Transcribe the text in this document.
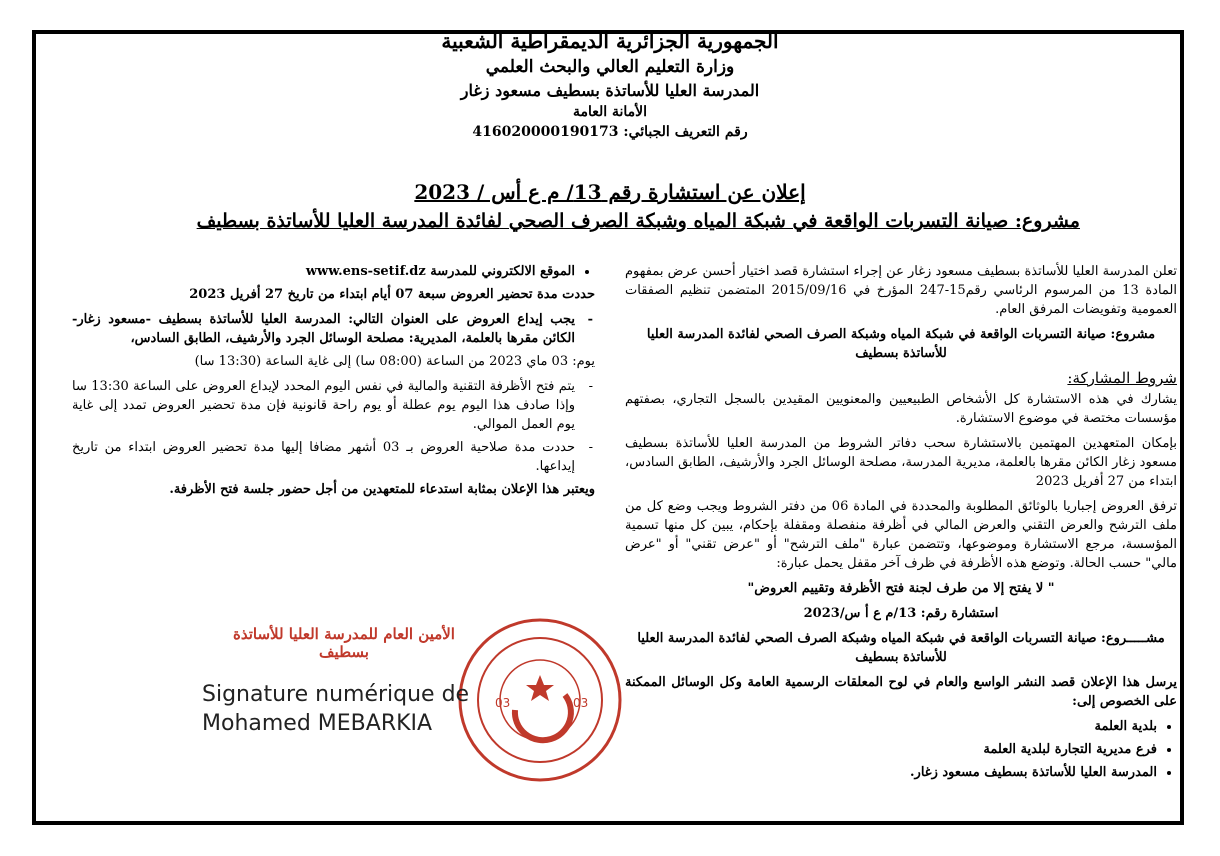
الجمهورية الجزائرية الديمقراطية الشعبية
وزارة التعليم العالي والبحث العلمي
المدرسة العليا للأساتذة بسطيف مسعود زغار
الأمانة العامة
رقم التعريف الجبائي: 416020000190173
إعلان عن استشارة رقم 13/ م ع أس / 2023
مشروع: صيانة التسربات الواقعة في شبكة المياه وشبكة الصرف الصحي لفائدة المدرسة العليا للأساتذة بسطيف

تعلن المدرسة العليا للأساتذة بسطيف مسعود زغار عن إجراء استشارة قصد اختيار أحسن عرض بمفهوم المادة 13 من المرسوم الرئاسي رقم15-247 المؤرخ في 2015/09/16 المتضمن تنظيم الصفقات العمومية وتفويضات المرفق العام.

مشروع: صيانة التسربات الواقعة في شبكة المياه وشبكة الصرف الصحي لفائدة المدرسة العليا للأساتذة بسطيف

شروط المشاركة:

يشارك في هذه الاستشارة كل الأشخاص الطبيعيين والمعنويين المقيدين بالسجل التجاري، بصفتهم مؤسسات مختصة في موضوع الاستشارة.

بإمكان المتعهدين المهتمين بالاستشارة سحب دفاتر الشروط من المدرسة العليا للأساتذة بسطيف مسعود زغار الكائن مقرها بالعلمة، مديرية المدرسة، مصلحة الوسائل الجرد والأرشيف، الطابق السادس، ابتداء من 27 أفريل 2023

ترفق العروض إجباريا بالوثائق المطلوبة والمحددة في المادة 06 من دفتر الشروط ويجب وضع كل من ملف الترشح والعرض التقني والعرض المالي في أظرفة منفصلة ومقفلة بإحكام، يبين كل منها تسمية المؤسسة، مرجع الاستشارة وموضوعها، وتتضمن عبارة "ملف الترشح" أو "عرض تقني" أو "عرض مالي" حسب الحالة. وتوضع هذه الأظرفة في ظرف آخر مقفل يحمل عبارة:

" لا يفتح إلا من طرف لجنة فتح الأظرفة وتقييم العروض"

استشارة رقم: 13/م ع أ س/2023

مشـــــروع: صيانة التسربات الواقعة في شبكة المياه وشبكة الصرف الصحي لفائدة المدرسة العليا للأساتذة بسطيف

يرسل هذا الإعلان قصد النشر الواسع والعام في لوح المعلقات الرسمية العامة وكل الوسائل الممكنة على الخصوص إلى:

• بلدية العلمة
• فرع مديرية التجارة لبلدية العلمة
• المدرسة العليا للأساتذة بسطيف مسعود زغار.
• الموقع الالكتروني للمدرسة www.ens-setif.dz

حددت مدة تحضير العروض سبعة 07 أيام ابتداء من تاريخ 27 أفريل 2023

- يجب إيداع العروض على العنوان التالي: المدرسة العليا للأساتذة بسطيف -مسعود زغار- الكائن مقرها بالعلمة، المديرية: مصلحة الوسائل الجرد والأرشيف، الطابق السادس،

يوم: 03 ماي 2023 من الساعة (08:00 سا) إلى غاية الساعة (13:30 سا)

- يتم فتح الأظرفة التقنية والمالية في نفس اليوم المحدد لإيداع العروض على الساعة 13:30 سا وإذا صادف هذا اليوم يوم عطلة أو يوم راحة قانونية فإن مدة تحضير العروض تمدد إلى غاية يوم العمل الموالي.
- حددت مدة صلاحية العروض بـ 03 أشهر مضافا إليها مدة تحضير العروض ابتداء من تاريخ إيداعها.

ويعتبر هذا الإعلان بمثابة استدعاء للمتعهدين من أجل حضور جلسة فتح الأظرفة.

الأمين العام للمدرسة العليا للأساتذة بسطيف
03	03
Signature numérique de
Mohamed MEBARKIA
